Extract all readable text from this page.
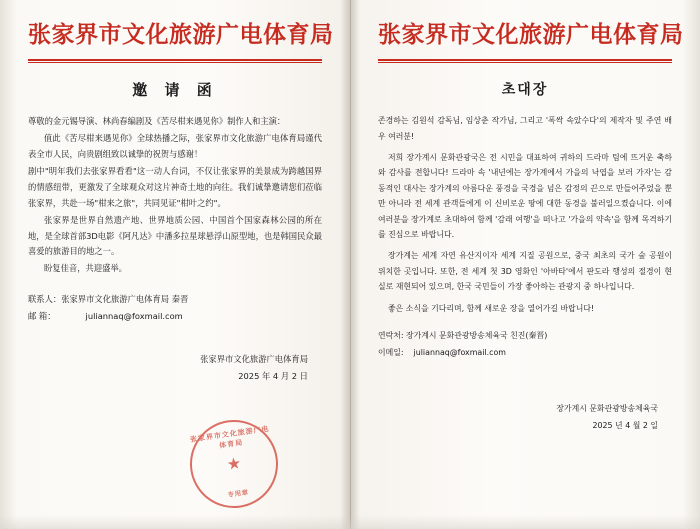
张家界市文化旅游广电体育局
邀 请 函

尊敬的金元锡导演、林尚春编剧及《苦尽柑来遇见你》制作人和主演：

值此《苦尽柑来遇见你》全球热播之际，张家界市文化旅游广电体育局谨代表全市人民，向贵剧组致以诚挚的祝贺与感谢！

剧中"明年我们去张家界看看"这一动人台词，不仅让张家界的美景成为跨越国界的情感纽带，更激发了全球观众对这片神奇土地的向往。我们诚挚邀请您们莅临张家界，共赴一场"柑来之旅"，共同见证"柑叶之约"。

张家界是世界自然遗产地、世界地质公园、中国首个国家森林公园的所在地，是全球首部3D电影《阿凡达》中潘多拉星球悬浮山原型地，也是韩国民众最喜爱的旅游目的地之一。

盼复佳音，共迎盛举。

联系人：张家界市文化旅游广电体育局 秦晋
邮 箱：	juliannaq@foxmail.com
张家界市文化旅游广电体育局
2025 年 4 月 2 日
张家界市文化旅游广电体育局
★
专用章
张家界市文化旅游广电体育局
초대장

존경하는 김원석 감독님, 임상춘 작가님, 그리고 '폭싹 속았수다'의 제작자 및 주연 배우 여러분!

저희 장가계시 문화관광국은 전 시민을 대표하여 귀하의 드라마 팀에 뜨거운 축하와 감사를 전합니다! 드라마 속 '내년에는 장가계에서 가을의 낙엽을 보러 가자'는 감동적인 대사는 장가계의 아름다운 풍경을 국경을 넘은 감정의 끈으로 만들어주었을 뿐만 아니라 전 세계 관객들에게 이 신비로운 땅에 대한 동경을 불러일으켰습니다. 이에 여러분을 장가계로 초대하여 함께 '감래 여행'을 떠나고 '가을의 약속'을 함께 목격하기를 진심으로 바랍니다.

장가계는 세계 자연 유산지이자 세계 지질 공원으로, 중국 최초의 국가 숲 공원이 위치한 곳입니다. 또한, 전 세계 첫 3D 영화인 '아바타'에서 판도라 행성의 절경이 현실로 재현되어 있으며, 한국 국민들이 가장 좋아하는 관광지 중 하나입니다.

좋은 소식을 기다리며, 함께 새로운 장을 열어가길 바랍니다!

연락처: 장가계시 문화관광방송체육국 친진(秦晋)
이메일: juliannaq@foxmail.com
장가계시 문화관광방송체육국
2025 년 4 월 2 일
